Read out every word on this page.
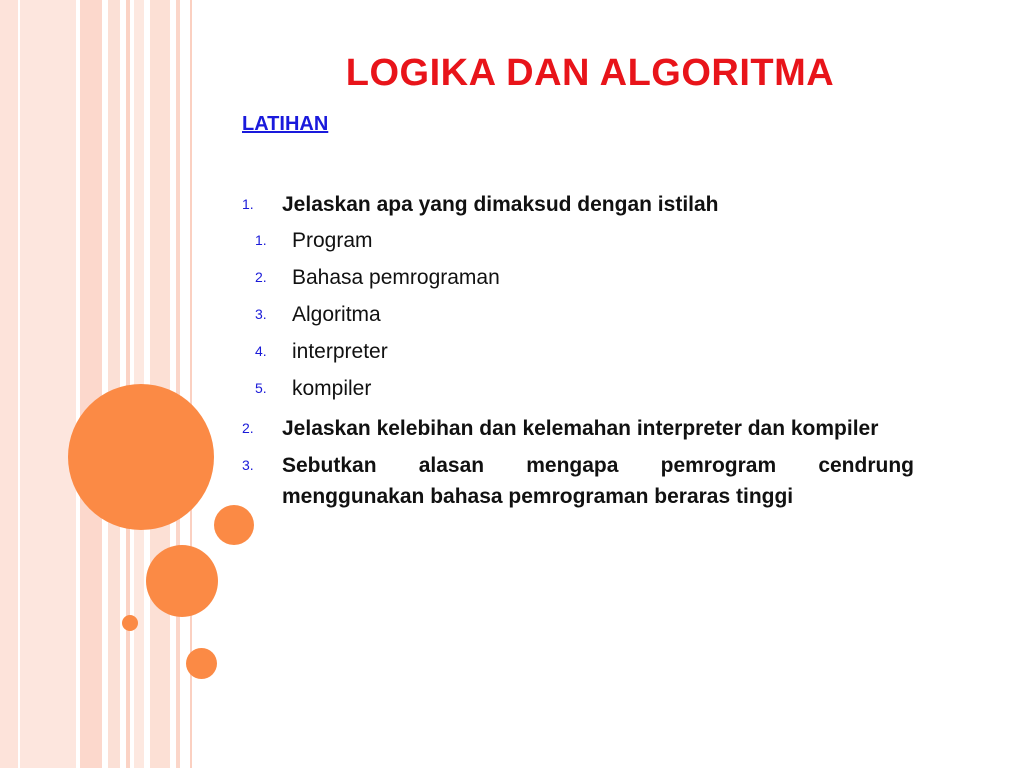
LOGIKA DAN ALGORITMA
LATIHAN
1. Jelaskan apa yang dimaksud dengan istilah
1. Program
2. Bahasa pemrograman
3. Algoritma
4. interpreter
5. kompiler
2. Jelaskan kelebihan dan kelemahan interpreter dan kompiler
3. Sebutkan alasan mengapa pemrogram cendrung menggunakan bahasa pemrograman beraras tinggi
